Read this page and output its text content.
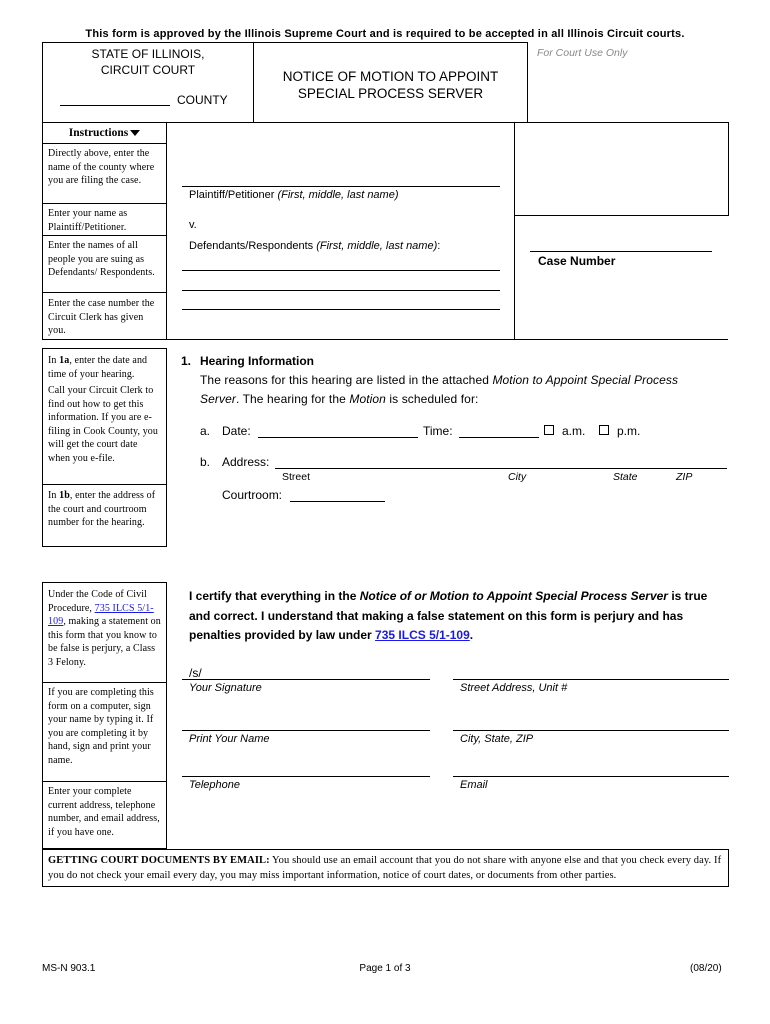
This form is approved by the Illinois Supreme Court and is required to be accepted in all Illinois Circuit courts.
STATE OF ILLINOIS,
CIRCUIT COURT
COUNTY
NOTICE OF MOTION TO APPOINT
SPECIAL PROCESS SERVER
For Court Use Only
Instructions
Directly above, enter the name of the county where you are filing the case.
Enter your name as Plaintiff/Petitioner.
Enter the names of all people you are suing as Defendants/ Respondents.
Enter the case number the Circuit Clerk has given you.
Plaintiff/Petitioner (First, middle, last name)
v.
Defendants/Respondents (First, middle, last name):
Case Number
In 1a, enter the date and time of your hearing.
Call your Circuit Clerk to find out how to get this information. If you are e-filing in Cook County, you will get the court date when you e-file.
In 1b, enter the address of the court and courtroom number for the hearing.
1. Hearing Information
The reasons for this hearing are listed in the attached Motion to Appoint Special Process Server. The hearing for the Motion is scheduled for:
a. Date:	Time:	a.m.	p.m.
b. Address:
Street	City	State	ZIP
Courtroom:
Under the Code of Civil Procedure, 735 ILCS 5/1-109, making a statement on this form that you know to be false is perjury, a Class 3 Felony.
If you are completing this form on a computer, sign your name by typing it. If you are completing it by hand, sign and print your name.
Enter your complete current address, telephone number, and email address, if you have one.
I certify that everything in the Notice of or Motion to Appoint Special Process Server is true and correct. I understand that making a false statement on this form is perjury and has penalties provided by law under 735 ILCS 5/1-109.
/s/
Your Signature	Street Address, Unit #
Print Your Name	City, State, ZIP
Telephone	Email
GETTING COURT DOCUMENTS BY EMAIL: You should use an email account that you do not share with anyone else and that you check every day. If you do not check your email every day, you may miss important information, notice of court dates, or documents from other parties.
MS-N 903.1	Page 1 of 3	(08/20)
